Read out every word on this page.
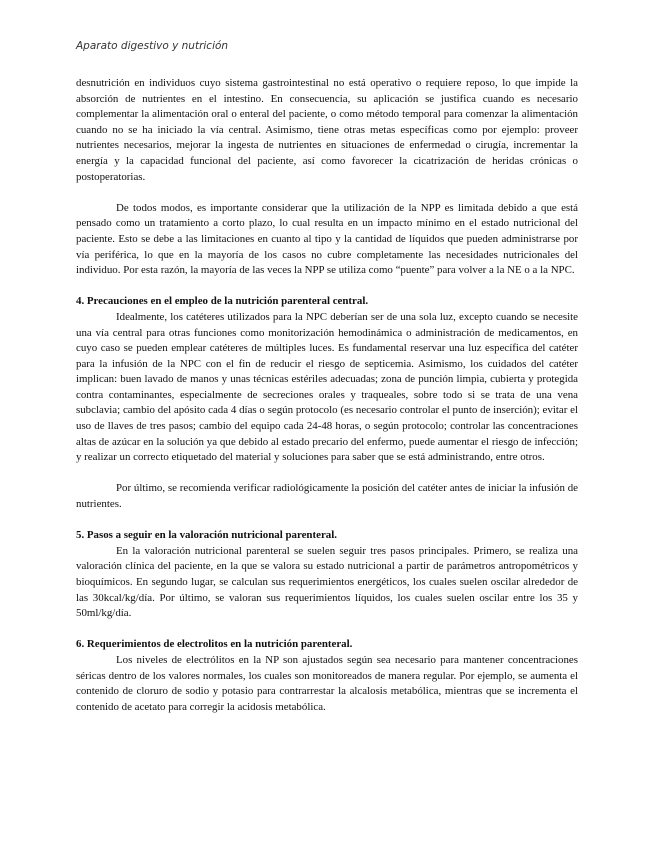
Aparato digestivo y nutrición

desnutrición en individuos cuyo sistema gastrointestinal no está operativo o requiere reposo, lo que impide la absorción de nutrientes en el intestino. En consecuencia, su aplicación se justifica cuando es necesario complementar la alimentación oral o enteral del paciente, o como método temporal para comenzar la alimentación cuando no se ha iniciado la vía central. Asimismo, tiene otras metas específicas como por ejemplo: proveer nutrientes necesarios, mejorar la ingesta de nutrientes en situaciones de enfermedad o cirugía, incrementar la energía y la capacidad funcional del paciente, así como favorecer la cicatrización de heridas crónicas o postoperatorias.

De todos modos, es importante considerar que la utilización de la NPP es limitada debido a que está pensado como un tratamiento a corto plazo, lo cual resulta en un impacto mínimo en el estado nutricional del paciente. Esto se debe a las limitaciones en cuanto al tipo y la cantidad de líquidos que pueden administrarse por vía periférica, lo que en la mayoría de los casos no cubre completamente las necesidades nutricionales del individuo. Por esta razón, la mayoría de las veces la NPP se utiliza como “puente” para volver a la NE o a la NPC.

4. Precauciones en el empleo de la nutrición parenteral central.

Idealmente, los catéteres utilizados para la NPC deberían ser de una sola luz, excepto cuando se necesite una vía central para otras funciones como monitorización hemodinámica o administración de medicamentos, en cuyo caso se pueden emplear catéteres de múltiples luces. Es fundamental reservar una luz específica del catéter para la infusión de la NPC con el fin de reducir el riesgo de septicemia. Asimismo, los cuidados del catéter implican: buen lavado de manos y unas técnicas estériles adecuadas; zona de punción limpia, cubierta y protegida contra contaminantes, especialmente de secreciones orales y traqueales, sobre todo si se trata de una vena subclavia; cambio del apósito cada 4 días o según protocolo (es necesario controlar el punto de inserción); evitar el uso de llaves de tres pasos; cambio del equipo cada 24-48 horas, o según protocolo; controlar las concentraciones altas de azúcar en la solución ya que debido al estado precario del enfermo, puede aumentar el riesgo de infección; y realizar un correcto etiquetado del material y soluciones para saber que se está administrando, entre otros.

Por último, se recomienda verificar radiológicamente la posición del catéter antes de iniciar la infusión de nutrientes.

5. Pasos a seguir en la valoración nutricional parenteral.

En la valoración nutricional parenteral se suelen seguir tres pasos principales. Primero, se realiza una valoración clínica del paciente, en la que se valora su estado nutricional a partir de parámetros antropométricos y bioquímicos. En segundo lugar, se calculan sus requerimientos energéticos, los cuales suelen oscilar alrededor de las 30kcal/kg/día. Por último, se valoran sus requerimientos líquidos, los cuales suelen oscilar entre los 35 y 50ml/kg/día.

6. Requerimientos de electrolitos en la nutrición parenteral.

Los niveles de electrólitos en la NP son ajustados según sea necesario para mantener concentraciones séricas dentro de los valores normales, los cuales son monitoreados de manera regular. Por ejemplo, se aumenta el contenido de cloruro de sodio y potasio para contrarrestar la alcalosis metabólica, mientras que se incrementa el contenido de acetato para corregir la acidosis metabólica.
